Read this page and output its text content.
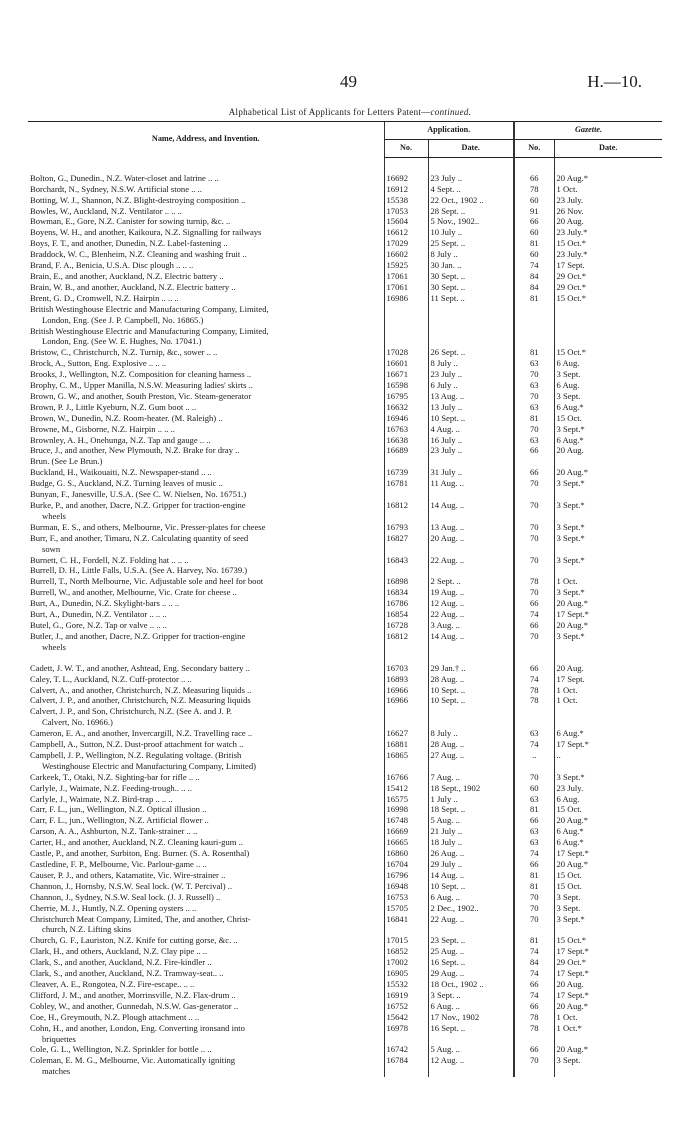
49	H.—10.
Alphabetical List of Applicants for Letters Patent—continued.
Name, Address, and Invention.	Application.		Gazette.	
	No.	Date.	No.	Date.

Bolton, G., Dunedin., N.Z. Water-closet and latrine .. ..	16692	23 July ..	66	20 Aug.*
Borchardt, N., Sydney, N.S.W. Artificial stone .. ..	16912	4 Sept. ..	78	1 Oct.
Botting, W. J., Shannon, N.Z. Blight-destroying composition ..	15538	22 Oct., 1902 ..	60	23 July.
Bowles, W., Auckland, N.Z. Ventilator .. .. ..	17053	28 Sept. ..	91	26 Nov.
Bowman, E., Gore, N.Z. Canister for sowing turnip, &c. ..	15604	5 Nov., 1902..	66	20 Aug.
Boyens, W. H., and another, Kaikoura, N.Z. Signalling for railways	16612	10 July ..	60	23 July.*
Boys, F. T., and another, Dunedin, N.Z. Label-fastening ..	17029	25 Sept. ..	81	15 Oct.*
Braddock, W. C., Blenheim, N.Z. Cleaning and washing fruit ..	16602	8 July ..	60	23 July.*
Brand, F. A., Benicia, U.S.A. Disc plough .. .. ..	15925	30 Jan. ..	74	17 Sept.
Brain, E., and another, Auckland, N.Z. Electric battery ..	17061	30 Sept. ..	84	29 Oct.*
Brain, W. B., and another, Auckland, N.Z. Electric battery ..	17061	30 Sept. ..	84	29 Oct.*
Brent, G. D., Cromwell, N.Z. Hairpin .. .. ..	16986	11 Sept. ..	81	15 Oct.*
British Westinghouse Electric and Manufacturing Company, Limited,
London, Eng. (See J. P. Campbell, No. 16865.)				

British Westinghouse Electric and Manufacturing Company, Limited,
London, Eng. (See W. E. Hughes, No. 17041.)				

Bristow, C., Christchurch, N.Z. Turnip, &c., sower .. ..	17028	26 Sept. ..	81	15 Oct.*
Brock, A., Sutton, Eng. Explosive .. .. ..	16601	8 July ..	63	6 Aug.
Brooks, J., Wellington, N.Z. Composition for cleaning harness ..	16671	23 July ..	70	3 Sept.
Brophy, C. M., Upper Manilla, N.S.W. Measuring ladies' skirts ..	16598	6 July ..	63	6 Aug.
Brown, G. W., and another, South Preston, Vic. Steam-generator	16795	13 Aug. ..	70	3 Sept.
Brown, P. J., Little Kyeburn, N.Z. Gum boot .. ..	16632	13 July ..	63	6 Aug.*
Brown, W., Dunedin, N.Z. Room-heater. (M. Raleigh) ..	16946	10 Sept. ..	81	15 Oct.
Browne, M., Gisborne, N.Z. Hairpin .. .. ..	16763	4 Aug. ..	70	3 Sept.*
Brownley, A. H., Onehunga, N.Z. Tap and gauge .. ..	16638	16 July ..	63	6 Aug.*
Bruce, J., and another, New Plymouth, N.Z. Brake for dray ..	16689	23 July ..	66	20 Aug.
Brun. (See Le Brun.)				
Buckland, H., Waikouaiti, N.Z. Newspaper-stand .. ..	16739	31 July ..	66	20 Aug.*
Budge, G. S., Auckland, N.Z. Turning leaves of music ..	16781	11 Aug. ..	70	3 Sept.*
Bunyan, F., Janesville, U.S.A. (See C. W. Nielsen, No. 16751.)				
Burke, P., and another, Dacre, N.Z. Gripper for traction-engine
wheels	16812	14 Aug. ..	70	3 Sept.*
Burman, E. S., and others, Melbourne, Vic. Presser-plates for cheese	16793	13 Aug. ..	70	3 Sept.*
Burr, F., and another, Timaru, N.Z. Calculating quantity of seed
sown	16827	20 Aug. ..	70	3 Sept.*
Burnett, C. H., Fordell, N.Z. Folding hat .. .. ..	16843	22 Aug. ..	70	3 Sept.*
Burrell, D. H., Little Falls, U.S.A. (See A. Harvey, No. 16739.)				
Burrell, T., North Melbourne, Vic. Adjustable sole and heel for boot	16898	2 Sept. ..	78	1 Oct.
Burrell, W., and another, Melbourne, Vic. Crate for cheese ..	16834	19 Aug. ..	70	3 Sept.*
Burt, A., Dunedin, N.Z. Skylight-bars .. .. ..	16786	12 Aug. ..	66	20 Aug.*
Burt, A., Dunedin, N.Z. Ventilator .. .. ..	16854	22 Aug. ..	74	17 Sept.*
Butel, G., Gore, N.Z. Tap or valve .. .. ..	16728	3 Aug. ..	66	20 Aug.*
Butler, J., and another, Dacre, N.Z. Gripper for traction-engine
wheels	16812	14 Aug. ..	70	3 Sept.*

Cadett, J. W. T., and another, Ashtead, Eng. Secondary battery ..	16703	29 Jan.† ..	66	20 Aug.
Caley, T. L., Auckland, N.Z. Cuff-protector .. ..	16893	28 Aug. ..	74	17 Sept.
Calvert, A., and another, Christchurch, N.Z. Measuring liquids ..	16966	10 Sept. ..	78	1 Oct.
Calvert, J. P., and another, Christchurch, N.Z. Measuring liquids	16966	10 Sept. ..	78	1 Oct.
Calvert, J. P., and Son, Christchurch, N.Z. (See A. and J. P.
Calvert, No. 16966.)				

Cameron, E. A., and another, Invercargill, N.Z. Travelling race ..	16627	8 July ..	63	6 Aug.*
Campbell, A., Sutton, N.Z. Dust-proof attachment for watch ..	16881	28 Aug. ..	74	17 Sept.*
Campbell, J. P., Wellington, N.Z. Regulating voltage. (British
Westinghouse Electric and Manufacturing Company, Limited)	16865	27 Aug. ..	..	..
Carkeek, T., Otaki, N.Z. Sighting-bar for rifle .. ..	16766	7 Aug. ..	70	3 Sept.*
Carlyle, J., Waimate, N.Z. Feeding-trough.. .. ..	15412	18 Sept., 1902	60	23 July.
Carlyle, J., Waimate, N.Z. Bird-trap .. .. ..	16575	1 July ..	63	6 Aug.
Carr, F. L., jun., Wellington, N.Z. Optical illusion ..	16998	18 Sept. ..	81	15 Oct.
Carr, F. L., jun., Wellington, N.Z. Artificial flower ..	16748	5 Aug. ..	66	20 Aug.*
Carson, A. A., Ashburton, N.Z. Tank-strainer .. ..	16669	21 July ..	63	6 Aug.*
Carter, H., and another, Auckland, N.Z. Cleaning kauri-gum ..	16665	18 July ..	63	6 Aug.*
Castle, P., and another, Surbiton, Eng. Burner. (S. A. Rosenthal)	16860	26 Aug. ..	74	17 Sept.*
Castledine, F. P., Melbourne, Vic. Parlour-game .. ..	16704	29 July ..	66	20 Aug.*
Causer, P. J., and others, Katamatite, Vic. Wire-strainer ..	16796	14 Aug. ..	81	15 Oct.
Channon, J., Hornsby, N.S.W. Seal lock. (W. T. Percival) ..	16948	10 Sept. ..	81	15 Oct.
Channon, J., Sydney, N.S.W. Seal lock. (J. J. Russell) ..	16753	6 Aug. ..	70	3 Sept.
Cherrie, M. J., Huntly, N.Z. Opening oysters .. ..	15705	2 Dec., 1902..	70	3 Sept.
Christchurch Meat Company, Limited, The, and another, Christ-
church, N.Z. Lifting skins	16841	22 Aug. ..	70	3 Sept.*
Church, G. F., Lauriston, N.Z. Knife for cutting gorse, &c. ..	17015	23 Sept. ..	81	15 Oct.*
Clark, H., and others, Auckland, N.Z. Clay pipe .. ..	16852	25 Aug. ..	74	17 Sept.*
Clark, S., and another, Auckland, N.Z. Fire-kindler ..	17002	16 Sept. ..	84	29 Oct.*
Clark, S., and another, Auckland, N.Z. Tramway-seat.. ..	16905	29 Aug. ..	74	17 Sept.*
Cleaver, A. E., Rongotea, N.Z. Fire-escape.. .. ..	15532	18 Oct., 1902 ..	66	20 Aug.
Clifford, J. M., and another, Morrinsville, N.Z. Flax-drum ..	16919	3 Sept. ..	74	17 Sept.*
Cobley, W., and another, Gunnedah, N.S.W. Gas-generator ..	16752	6 Aug. ..	66	20 Aug.*
Coe, H., Greymouth, N.Z. Plough attachment .. ..	15642	17 Nov., 1902	78	1 Oct.
Cohn, H., and another, London, Eng. Converting ironsand into
briquettes	16978	16 Sept. ..	78	1 Oct.*
Cole, G. L., Wellington, N.Z. Sprinkler for bottle .. ..	16742	5 Aug. ..	66	20 Aug.*
Coleman, E. M. G., Melbourne, Vic. Automatically igniting
matches	16784	12 Aug. ..	70	3 Sept.
